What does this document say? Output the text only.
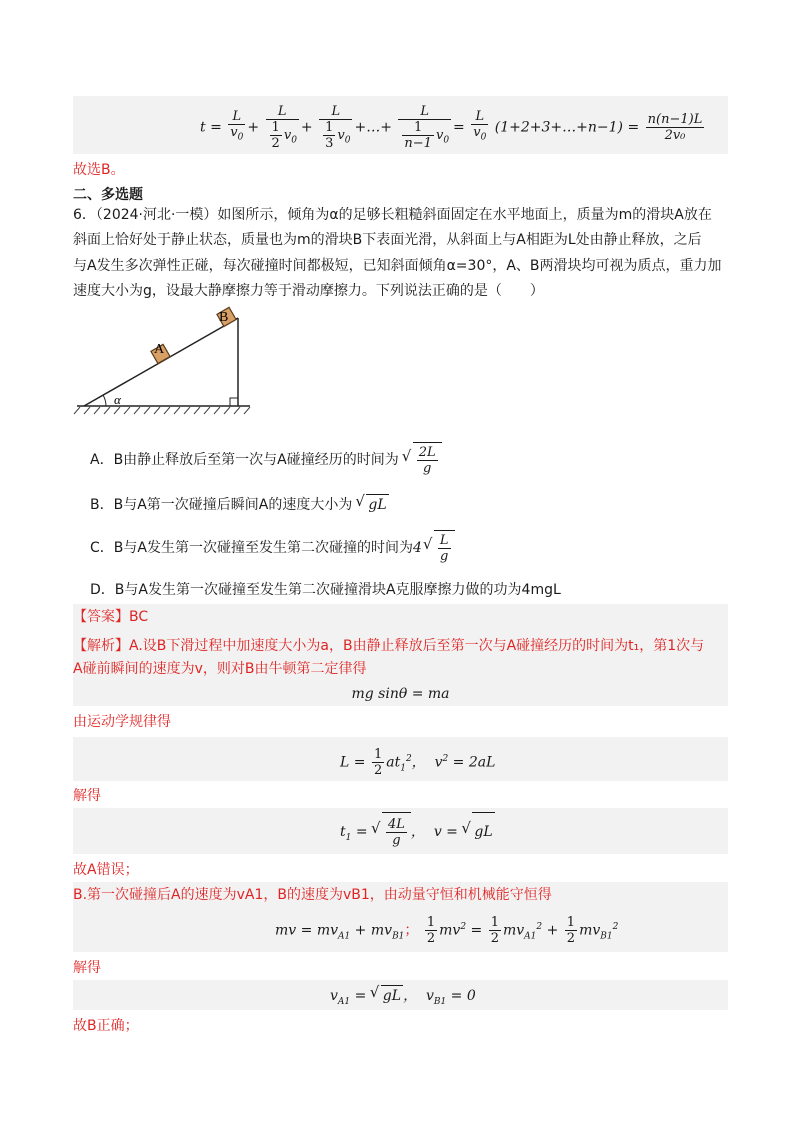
$t = \frac{L}{v_0} + \frac{L}{\frac{1}{2} v_0} + \frac{L}{\frac{1}{3} v_0}$ +…+ $\frac{L}{\frac{1}{n-1} v_0} = \frac{L}{v_0}$ (1+2+3+…+n−1) = $\frac{n(n-1)L}{\text{2v₀}}$
故选B。
二、多选题
6．（2024·河北·一模）如图所示，倾角为α的足够长粗糙斜面固定在水平地面上，质量为m的滑块A放在
斜面上恰好处于静止状态，质量也为m的滑块B下表面光滑，从斜面上与A相距为L处由静止释放，之后
与A发生多次弹性正碰，每次碰撞时间都极短，已知斜面倾角α=30°，A、B两滑块均可视为质点，重力加
速度大小为g，设最大静摩擦力等于滑动摩擦力。下列说法正确的是（　　）
A
B
α
A．B由静止释放后至第一次与A碰撞经历的时间为 √ $\frac{2L}{g}$
B．B与A第一次碰撞后瞬间A的速度大小为 √ gL
C．B与A发生第一次碰撞至发生第二次碰撞的时间为4 √ $\frac{L}{g}$
D．B与A发生第一次碰撞至发生第二次碰撞滑块A克服摩擦力做的功为4mgL
【答案】BC
【解析】A.设B下滑过程中加速度大小为a，B由静止释放后至第一次与A碰撞经历的时间为t₁，第1次与
A碰前瞬间的速度为v，则对B由牛顿第二定律得
mg sinθ = ma
由运动学规律得
$L = \frac{1}{2} at_1^2$，  $v^2 = 2aL$
解得
$t_1$ = √ $\frac{4L}{g}$ ，  v = √ gL
故A错误；
B.第一次碰撞后A的速度为vA1，B的速度为vB1，由动量守恒和机械能守恒得
mv = $mv_{A1} + mv_{B1}$； $\frac{1}{2} mv^2 = \frac{1}{2} mv_{A1}^2 + \frac{1}{2} mv_{B1}^2$
解得
$v_{A1}$ = √ gL ，  $v_{B1} = 0$
故B正确；
